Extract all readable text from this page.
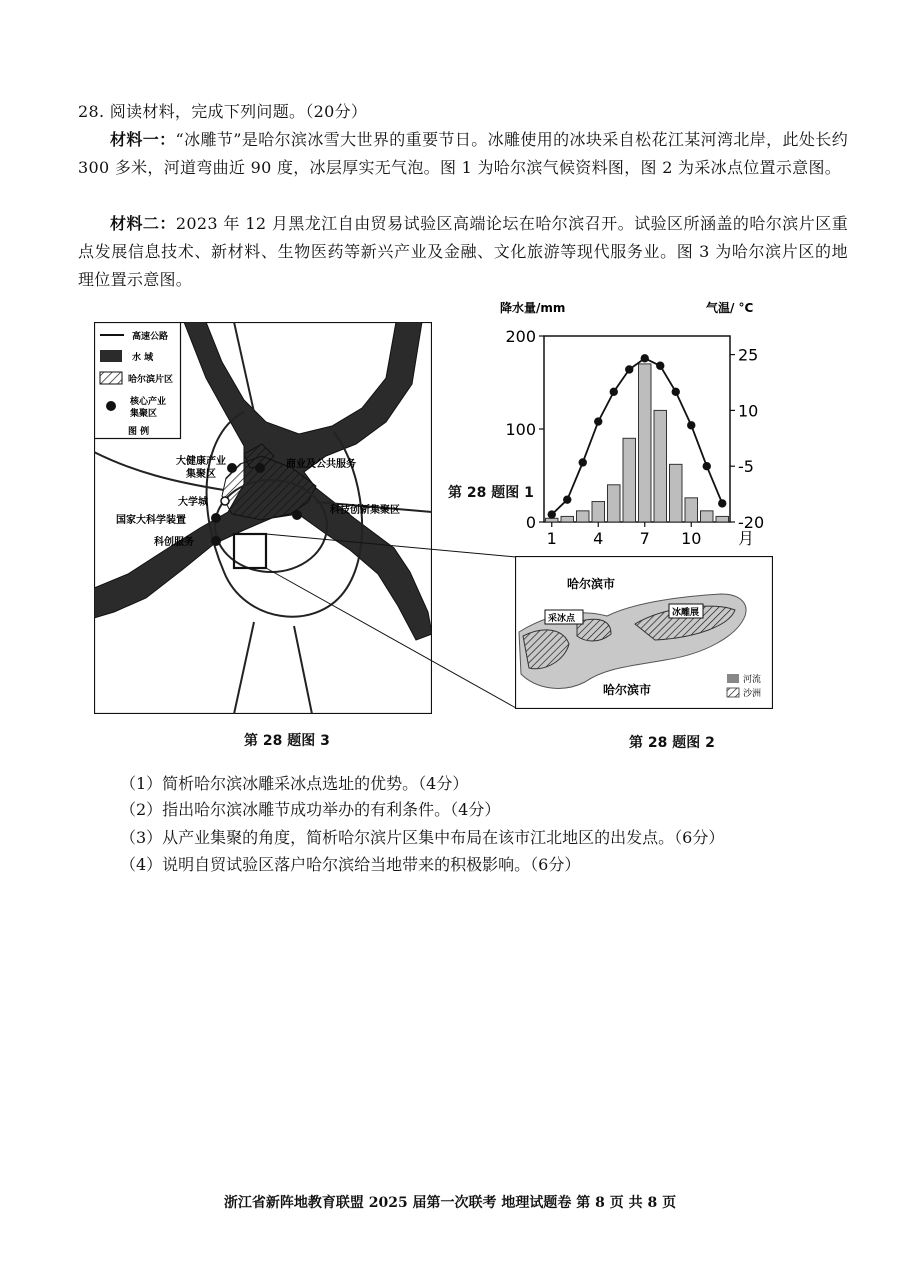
28. 阅读材料，完成下列问题。（20分）
材料一：“冰雕节”是哈尔滨冰雪大世界的重要节日。冰雕使用的冰块采自松花江某河湾北岸，此处长约 300 多米，河道弯曲近 90 度，冰层厚实无气泡。图 1 为哈尔滨气候资料图，图 2 为采冰点位置示意图。
材料二：2023 年 12 月黑龙江自由贸易试验区高端论坛在哈尔滨召开。试验区所涵盖的哈尔滨片区重点发展信息技术、新材料、生物医药等新兴产业及金融、文化旅游等现代服务业。图 3 为哈尔滨片区的地理位置示意图。
高速公路
水 域
哈尔滨片区
核心产业
集聚区
图 例
大健康产业
集聚区
商业及公共服务
大学城
国家大科学装置
科技创新集聚区
科创服务
第 28 题图 3
第 28 题图 1
降水量/mm	气温/ °C
200
100
0
25
10
-5
-20
1 4 7 10 月
哈尔滨市
采冰点
冰雕展
哈尔滨市
河流
沙洲
第 28 题图 2
（1）简析哈尔滨冰雕采冰点选址的优势。（4分）
（2）指出哈尔滨冰雕节成功举办的有利条件。（4分）
（3）从产业集聚的角度，简析哈尔滨片区集中布局在该市江北地区的出发点。（6分）
（4）说明自贸试验区落户哈尔滨给当地带来的积极影响。（6分）
浙江省新阵地教育联盟 2025 届第一次联考 地理试题卷 第 8 页 共 8 页
